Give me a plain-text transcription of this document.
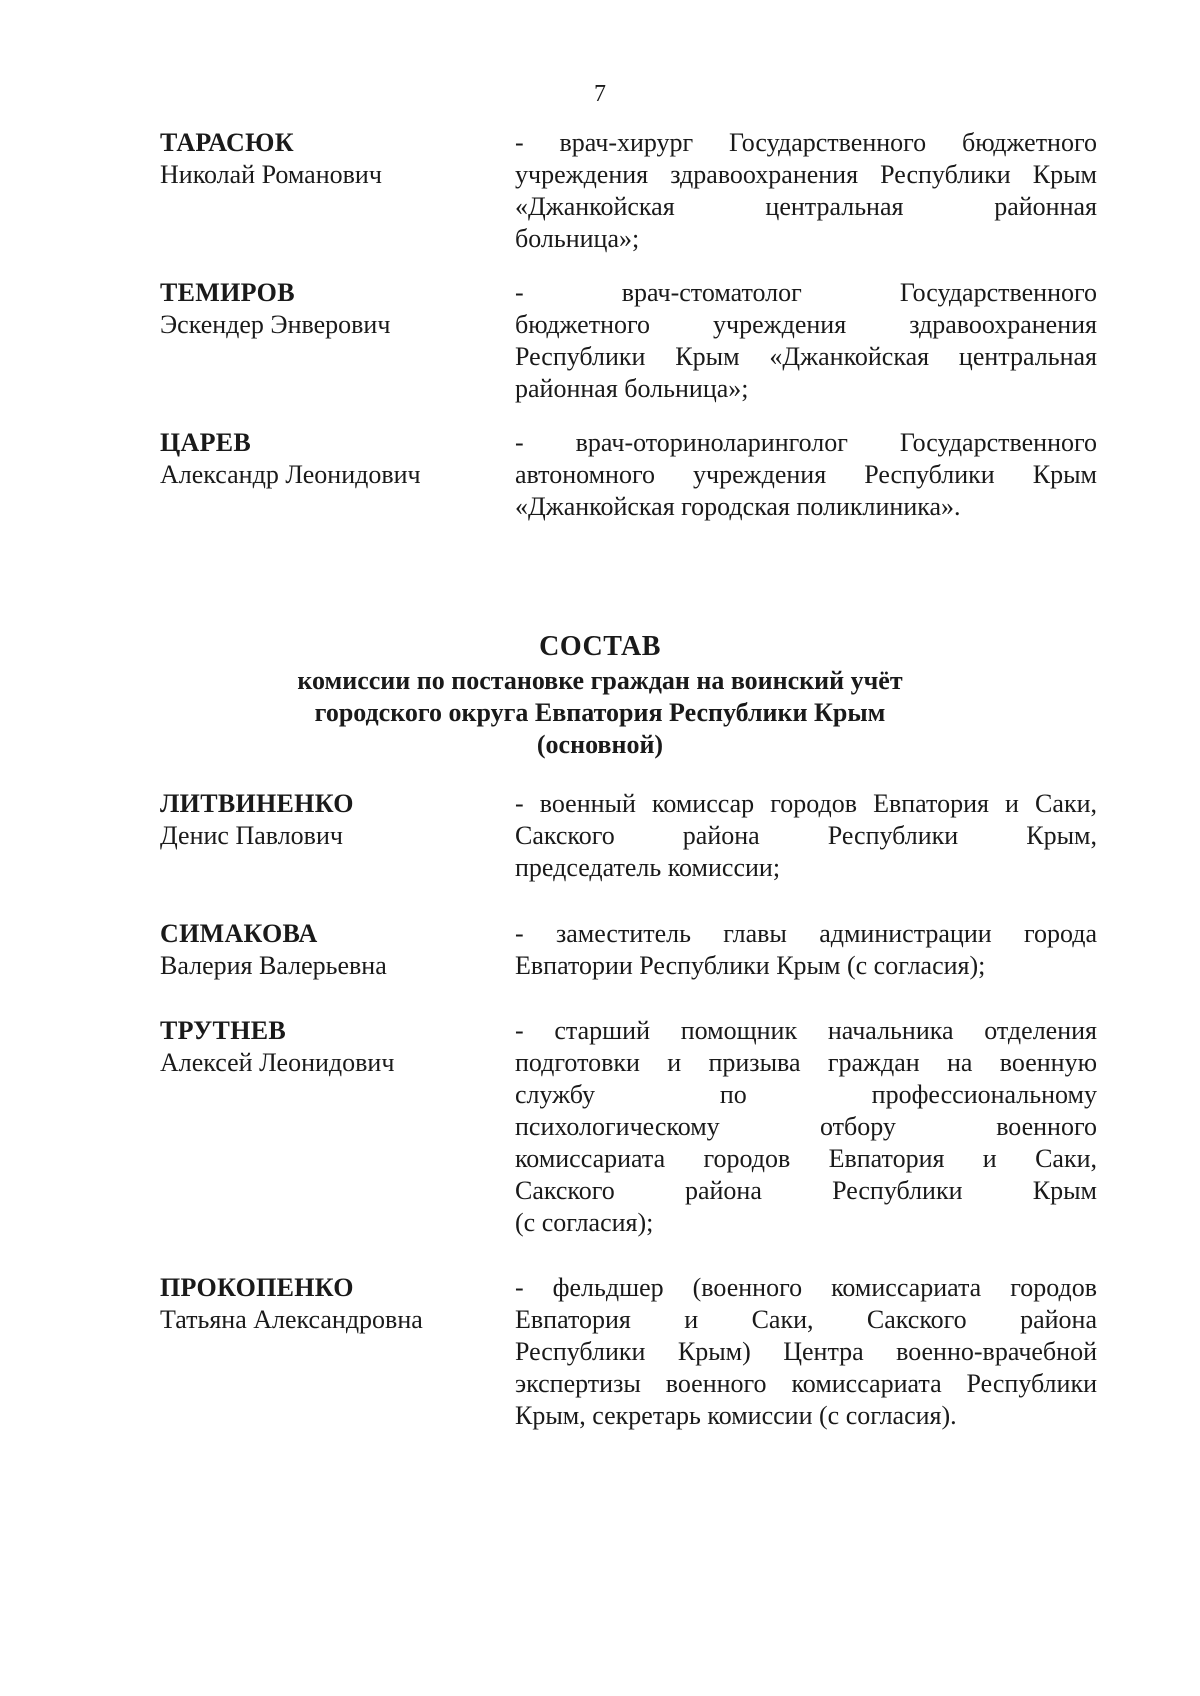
7
ТАРАСЮК
Николай Романович
- врач-хирург Государственного бюджетного
учреждения здравоохранения Республики Крым
«Джанкойская центральная районная
больница»;
ТЕМИРОВ
Эскендер Энверович
- врач-стоматолог Государственного
бюджетного учреждения здравоохранения
Республики Крым «Джанкойская центральная
районная больница»;
ЦАРЕВ
Александр Леонидович
- врач-оториноларинголог Государственного
автономного учреждения Республики Крым
«Джанкойская городская поликлиника».
СОСТАВ
комиссии по постановке граждан на воинский учёт
городского округа Евпатория Республики Крым
(основной)
ЛИТВИНЕНКО
Денис Павлович
- военный комиссар городов Евпатория и Саки,
Сакского района Республики Крым,
председатель комиссии;
СИМАКОВА
Валерия Валерьевна
- заместитель главы администрации города
Евпатории Республики Крым (с согласия);
ТРУТНЕВ
Алексей Леонидович
- старший помощник начальника отделения
подготовки и призыва граждан на военную
службу по профессиональному
психологическому отбору военного
комиссариата городов Евпатория и Саки,
Сакского района Республики Крым
(с согласия);
ПРОКОПЕНКО
Татьяна Александровна
- фельдшер (военного комиссариата городов
Евпатория и Саки, Сакского района
Республики Крым) Центра военно-врачебной
экспертизы военного комиссариата Республики
Крым, секретарь комиссии (с согласия).
